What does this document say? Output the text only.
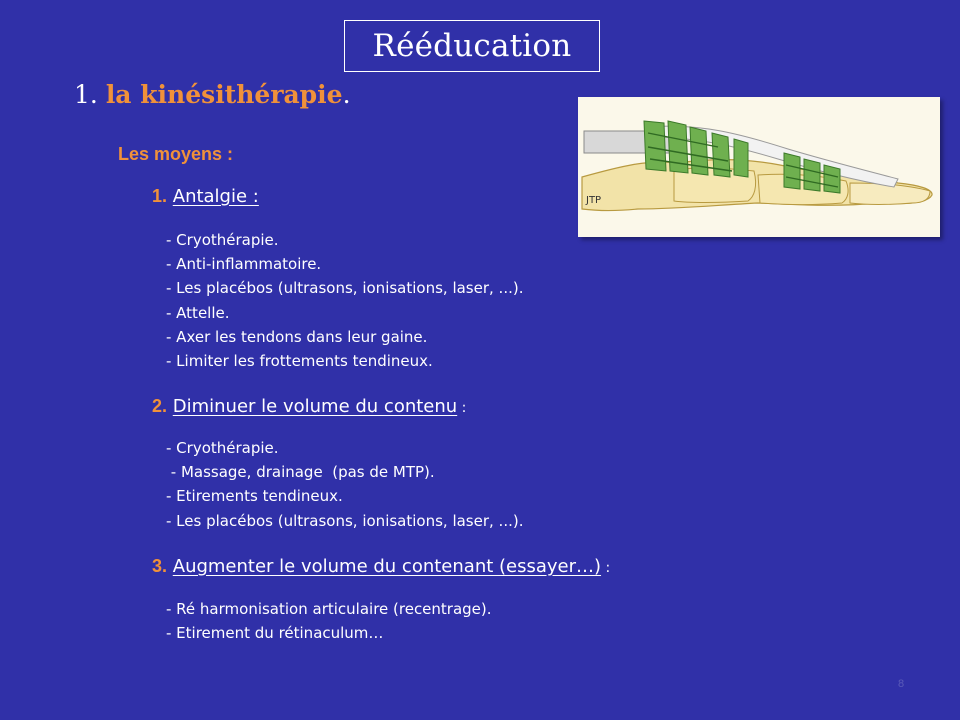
Rééducation
1. la kinésithérapie.
Les moyens :
1. Antalgie :
- Cryothérapie.
- Anti-inflammatoire.
- Les placébos (ultrasons, ionisations, laser, ...).
- Attelle.
- Axer les tendons dans leur gaine.
- Limiter les frottements tendineux.
2. Diminuer le volume du contenu :
- Cryothérapie.
- Massage, drainage  (pas de MTP).
- Etirements tendineux.
- Les placébos (ultrasons, ionisations, laser, ...).
3. Augmenter le volume du contenant (essayer…) :
- Ré harmonisation articulaire (recentrage).
- Etirement du rétinaculum…
JTP
8
